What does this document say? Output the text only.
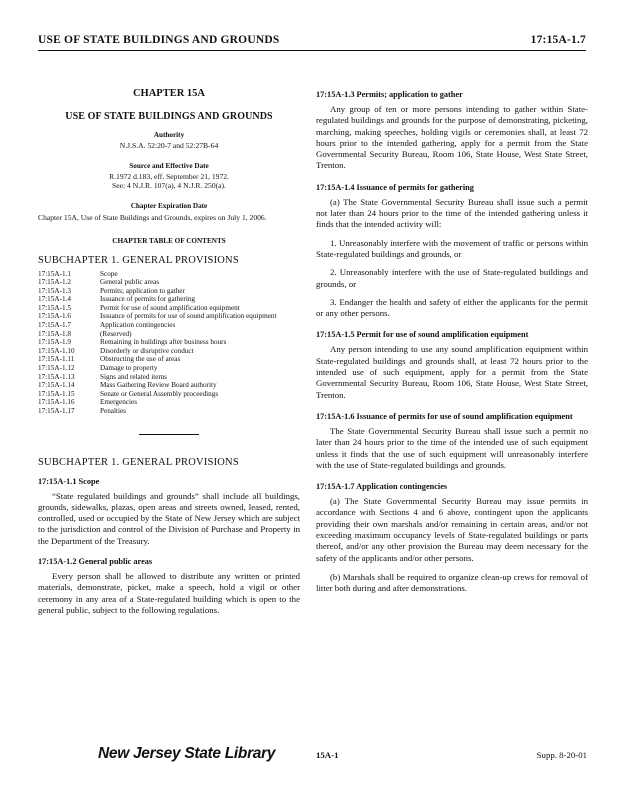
USE OF STATE BUILDINGS AND GROUNDS	17:15A-1.7
CHAPTER 15A
USE OF STATE BUILDINGS AND GROUNDS
Authority
N.J.S.A. 52:20-7 and 52:27B-64
Source and Effective Date
R.1972 d.183, eff. September 21, 1972.
See: 4 N.J.R. 107(a), 4 N.J.R. 250(a).
Chapter Expiration Date
Chapter 15A, Use of State Buildings and Grounds, expires on July 1, 2006.
CHAPTER TABLE OF CONTENTS
SUBCHAPTER 1. GENERAL PROVISIONS
17:15A-1.1	Scope
17:15A-1.2	General public areas
17:15A-1.3	Permits; application to gather
17:15A-1.4	Issuance of permits for gathering
17:15A-1.5	Permit for use of sound amplification equipment
17:15A-1.6	Issuance of permits for use of sound amplification equipment
17:15A-1.7	Application contingencies
17:15A-1.8	(Reserved)
17:15A-1.9	Remaining in buildings after business hours
17:15A-1.10	Disorderly or disruptive conduct
17:15A-1.11	Obstructing the use of areas
17:15A-1.12	Damage to property
17:15A-1.13	Signs and related items
17:15A-1.14	Mass Gathering Review Board authority
17:15A-1.15	Senate or General Assembly proceedings
17:15A-1.16	Emergencies
17:15A-1.17	Penalties
SUBCHAPTER 1. GENERAL PROVISIONS
17:15A-1.1 Scope
“State regulated buildings and grounds” shall include all buildings, grounds, sidewalks, plazas, open areas and streets owned, leased, rented, controlled, used or occupied by the State of New Jersey which are subject to the jurisdiction and control of the Division of Purchase and Property in the Department of the Treasury.
17:15A-1.2 General public areas
Every person shall be allowed to distribute any written or printed materials, demonstrate, picket, make a speech, hold a vigil or other ceremony in any area of a State-regulated building which is open to the general public, subject to the following regulations.
17:15A-1.3 Permits; application to gather
Any group of ten or more persons intending to gather within State-regulated buildings and grounds for the purpose of demonstrating, picketing, marching, making speeches, holding vigils or ceremonies shall, at least 72 hours prior to the intended gathering, apply for a permit from the State Governmental Security Bureau, Room 106, State House, West State Street, Trenton.
17:15A-1.4 Issuance of permits for gathering
(a) The State Governmental Security Bureau shall issue such a permit not later than 24 hours prior to the time of the intended gathering unless it finds that the intended activity will:
1. Unreasonably interfere with the movement of traffic or persons within State-regulated buildings and grounds, or
2. Unreasonably interfere with the use of State-regulated buildings and grounds, or
3. Endanger the health and safety of either the applicants for the permit or any other persons.
17:15A-1.5 Permit for use of sound amplification equipment
Any person intending to use any sound amplification equipment within State-regulated buildings and grounds shall, at least 72 hours prior to the intended use of such equipment, apply for a permit from the State Governmental Security Bureau, Room 106, State House, West State Street, Trenton.
17:15A-1.6 Issuance of permits for use of sound amplification equipment
The State Governmental Security Bureau shall issue such a permit no later than 24 hours prior to the time of the intended use of such equipment unless it finds that the use of such equipment will unreasonably interfere with the use of State-regulated buildings and grounds.
17:15A-1.7 Application contingencies
(a) The State Governmental Security Bureau may issue permits in accordance with Sections 4 and 6 above, contingent upon the applicants providing their own marshals and/or remaining in certain areas, and/or not exceeding maximum occupancy levels of State-regulated buildings or parts thereof, and/or any other provision the Bureau may deem necessary for the safety of the applicants and/or other persons.
(b) Marshals shall be required to organize clean-up crews for removal of litter both during and after demonstrations.
New Jersey State Library	15A-1	Supp. 8-20-01
